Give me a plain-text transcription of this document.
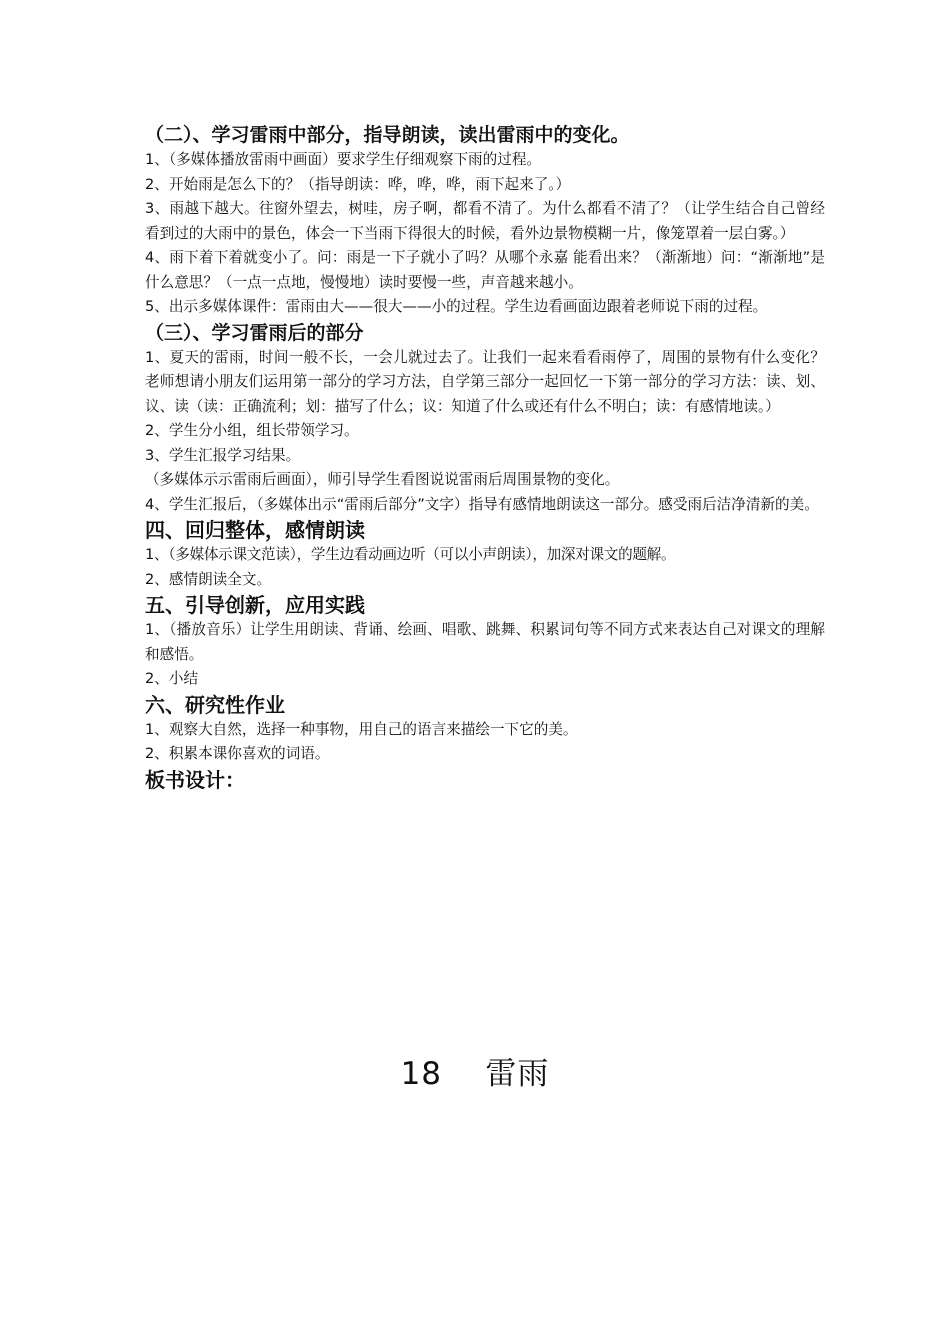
（二）、学习雷雨中部分，指导朗读，读出雷雨中的变化。

1、（多媒体播放雷雨中画面）要求学生仔细观察下雨的过程。

2、开始雨是怎么下的？（指导朗读：哗，哗，哗，雨下起来了。）

3、雨越下越大。往窗外望去，树哇，房子啊，都看不清了。为什么都看不清了？（让学生结合自己曾经看到过的大雨中的景色，体会一下当雨下得很大的时候，看外边景物模糊一片，像笼罩着一层白雾。）

4、雨下着下着就变小了。问：雨是一下子就小了吗？从哪个永嘉 能看出来？（渐渐地）问：“渐渐地”是什么意思？（一点一点地，慢慢地）读时要慢一些，声音越来越小。

5、出示多媒体课件：雷雨由大——很大——小的过程。学生边看画面边跟着老师说下雨的过程。

（三）、学习雷雨后的部分

1、夏天的雷雨，时间一般不长，一会儿就过去了。让我们一起来看看雨停了，周围的景物有什么变化？老师想请小朋友们运用第一部分的学习方法，自学第三部分一起回忆一下第一部分的学习方法：读、划、议、读（读：正确流利；划：描写了什么；议：知道了什么或还有什么不明白；读：有感情地读。）

2、学生分小组，组长带领学习。

3、学生汇报学习结果。

（多媒体示示雷雨后画面），师引导学生看图说说雷雨后周围景物的变化。

4、学生汇报后，（多媒体出示“雷雨后部分”文字）指导有感情地朗读这一部分。感受雨后洁净清新的美。

四、回归整体，感情朗读

1、（多媒体示课文范读），学生边看动画边听（可以小声朗读），加深对课文的题解。

2、感情朗读全文。

五、引导创新，应用实践

1、（播放音乐）让学生用朗读、背诵、绘画、唱歌、跳舞、积累词句等不同方式来表达自己对课文的理解和感悟。

2、小结

六、研究性作业

1、观察大自然，选择一种事物，用自己的语言来描绘一下它的美。

2、积累本课你喜欢的词语。

板书设计：
18    雷雨
